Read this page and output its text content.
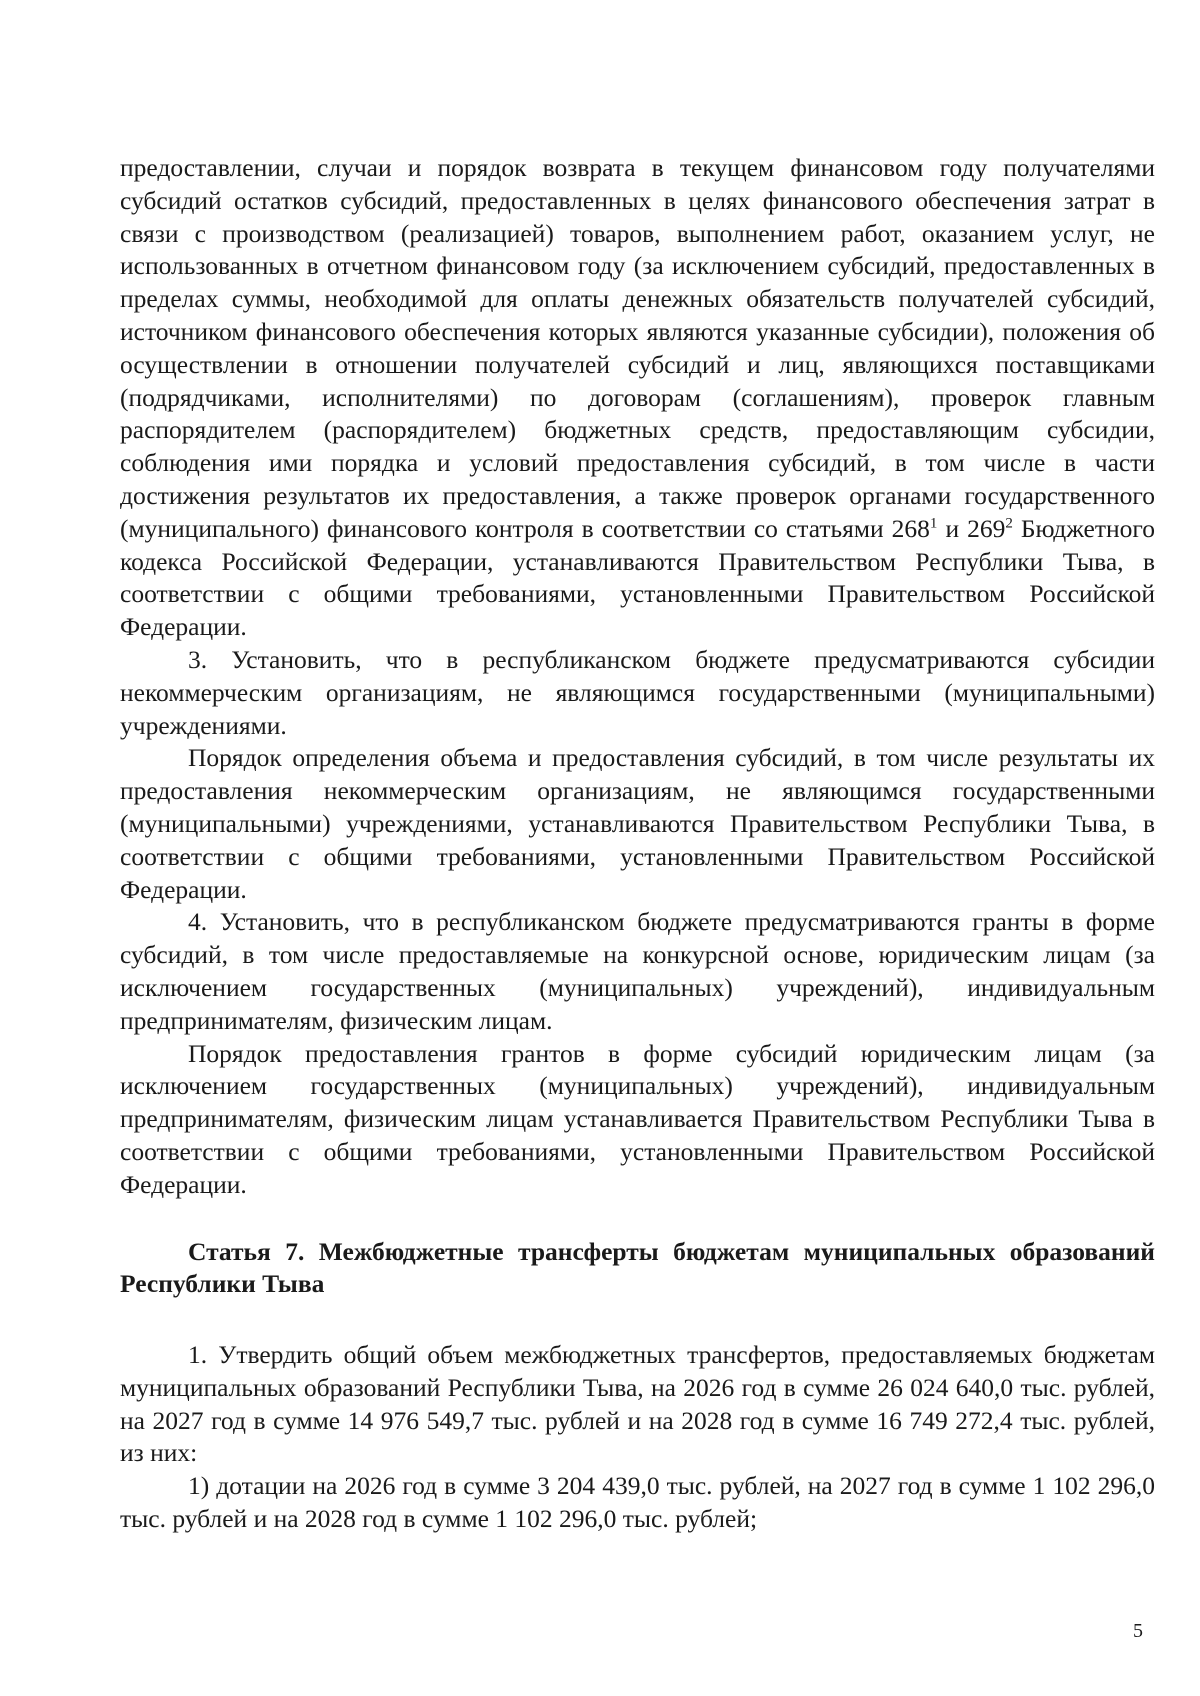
предоставлении, случаи и порядок возврата в текущем финансовом году получателями субсидий остатков субсидий, предоставленных в целях финансового обеспечения затрат в связи с производством (реализацией) товаров, выполнением работ, оказанием услуг, не использованных в отчетном финансовом году (за исключением субсидий, предоставленных в пределах суммы, необходимой для оплаты денежных обязательств получателей субсидий, источником финансового обеспечения которых являются указанные субсидии), положения об осуществлении в отношении получателей субсидий и лиц, являющихся поставщиками (подрядчиками, исполнителями) по договорам (соглашениям), проверок главным распорядителем (распорядителем) бюджетных средств, предоставляющим субсидии, соблюдения ими порядка и условий предоставления субсидий, в том числе в части достижения результатов их предоставления, а также проверок органами государственного (муниципального) финансового контроля в соответствии со статьями $268^1$ и $269^2$ Бюджетного кодекса Российской Федерации, устанавливаются Правительством Республики Тыва, в соответствии с общими требованиями, установленными Правительством Российской Федерации.

3. Установить, что в республиканском бюджете предусматриваются субсидии некоммерческим организациям, не являющимся государственными (муниципальными) учреждениями.

Порядок определения объема и предоставления субсидий, в том числе результаты их предоставления некоммерческим организациям, не являющимся государственными (муниципальными) учреждениями, устанавливаются Правительством Республики Тыва, в соответствии с общими требованиями, установленными Правительством Российской Федерации.

4. Установить, что в республиканском бюджете предусматриваются гранты в форме субсидий, в том числе предоставляемые на конкурсной основе, юридическим лицам (за исключением государственных (муниципальных) учреждений), индивидуальным предпринимателям, физическим лицам.

Порядок предоставления грантов в форме субсидий юридическим лицам (за исключением государственных (муниципальных) учреждений), индивидуальным предпринимателям, физическим лицам устанавливается Правительством Республики Тыва в соответствии с общими требованиями, установленными Правительством Российской Федерации.

Статья 7. Межбюджетные трансферты бюджетам муниципальных образований Республики Тыва

1. Утвердить общий объем межбюджетных трансфертов, предоставляемых бюджетам муниципальных образований Республики Тыва, на 2026 год в сумме 26 024 640,0 тыс. рублей, на 2027 год в сумме 14 976 549,7 тыс. рублей и на 2028 год в сумме 16 749 272,4 тыс. рублей, из них:

1) дотации на 2026 год в сумме 3 204 439,0 тыс. рублей, на 2027 год в сумме 1 102 296,0 тыс. рублей и на 2028 год в сумме 1 102 296,0 тыс. рублей;

5
